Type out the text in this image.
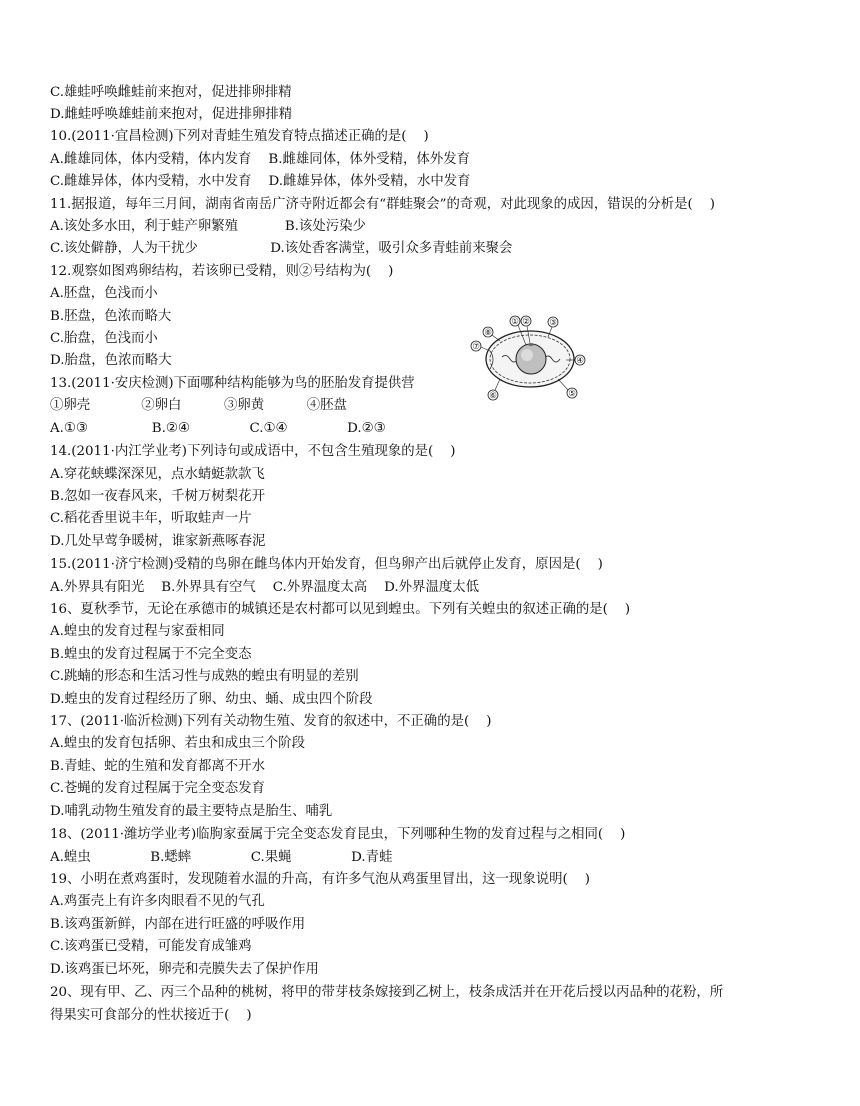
C.雄蛙呼唤雌蛙前来抱对，促进排卵排精
D.雌蛙呼唤雄蛙前来抱对，促进排卵排精
10.(2011·宜昌检测)下列对青蛙生殖发育特点描述正确的是(    )
A.雌雄同体，体内受精，体内发育    B.雌雄同体，体外受精，体外发育
C.雌雄异体，体内受精，水中发育    D.雌雄异体，体外受精，水中发育
11.据报道，每年三月间，湖南省南岳广济寺附近都会有“群蛙聚会”的奇观，对此现象的成因，错误的分析是(    )
A.该处多水田，利于蛙产卵繁殖           B.该处污染少
C.该处僻静，人为干扰少                 D.该处香客满堂，吸引众多青蛙前来聚会
12.观察如图鸡卵结构，若该卵已受精，则②号结构为(    )
A.胚盘，色浅而小
B.胚盘，色浓而略大
C.胎盘，色浅而小
D.胎盘，色浓而略大
13.(2011·安庆检测)下面哪种结构能够为鸟的胚胎发育提供营
①卵壳            ②卵白          ③卵黄          ④胚盘
A.①③               B.②④              C.①④              D.②③
14.(2011·内江学业考)下列诗句或成语中，不包含生殖现象的是(    )
A.穿花蛱蝶深深见，点水蜻蜓款款飞
B.忽如一夜春风来，千树万树梨花开
C.稻花香里说丰年，听取蛙声一片
D.几处早莺争暖树，谁家新燕啄春泥
15.(2011·济宁检测)受精的鸟卵在雌鸟体内开始发育，但鸟卵产出后就停止发育，原因是(    )
A.外界具有阳光    B.外界具有空气    C.外界温度太高    D.外界温度太低
16、夏秋季节，无论在承德市的城镇还是农村都可以见到蝗虫。下列有关蝗虫的叙述正确的是(    )
A.蝗虫的发育过程与家蚕相同
B.蝗虫的发育过程属于不完全变态
C.跳蝻的形态和生活习性与成熟的蝗虫有明显的差别
D.蝗虫的发育过程经历了卵、幼虫、蛹、成虫四个阶段
17、(2011·临沂检测)下列有关动物生殖、发育的叙述中，不正确的是(    )
A.蝗虫的发育包括卵、若虫和成虫三个阶段
B.青蛙、蛇的生殖和发育都离不开水
C.苍蝇的发育过程属于完全变态发育
D.哺乳动物生殖发育的最主要特点是胎生、哺乳
18、(2011·潍坊学业考)临朐家蚕属于完全变态发育昆虫，下列哪种生物的发育过程与之相同(    )
A.蝗虫              B.蟋蟀              C.果蝇              D.青蛙
19、小明在煮鸡蛋时，发现随着水温的升高，有许多气泡从鸡蛋里冒出，这一现象说明(    )
A.鸡蛋壳上有许多肉眼看不见的气孔
B.该鸡蛋新鲜，内部在进行旺盛的呼吸作用
C.该鸡蛋已受精，可能发育成雏鸡
D.该鸡蛋已坏死，卵壳和壳膜失去了保护作用
20、现有甲、乙、丙三个品种的桃树，将甲的带芽枝条嫁接到乙树上，枝条成活并在开花后授以丙品种的花粉，所
得果实可食部分的性状接近于(    )
① ② ③
④
⑤
⑥
⑦
⑧
